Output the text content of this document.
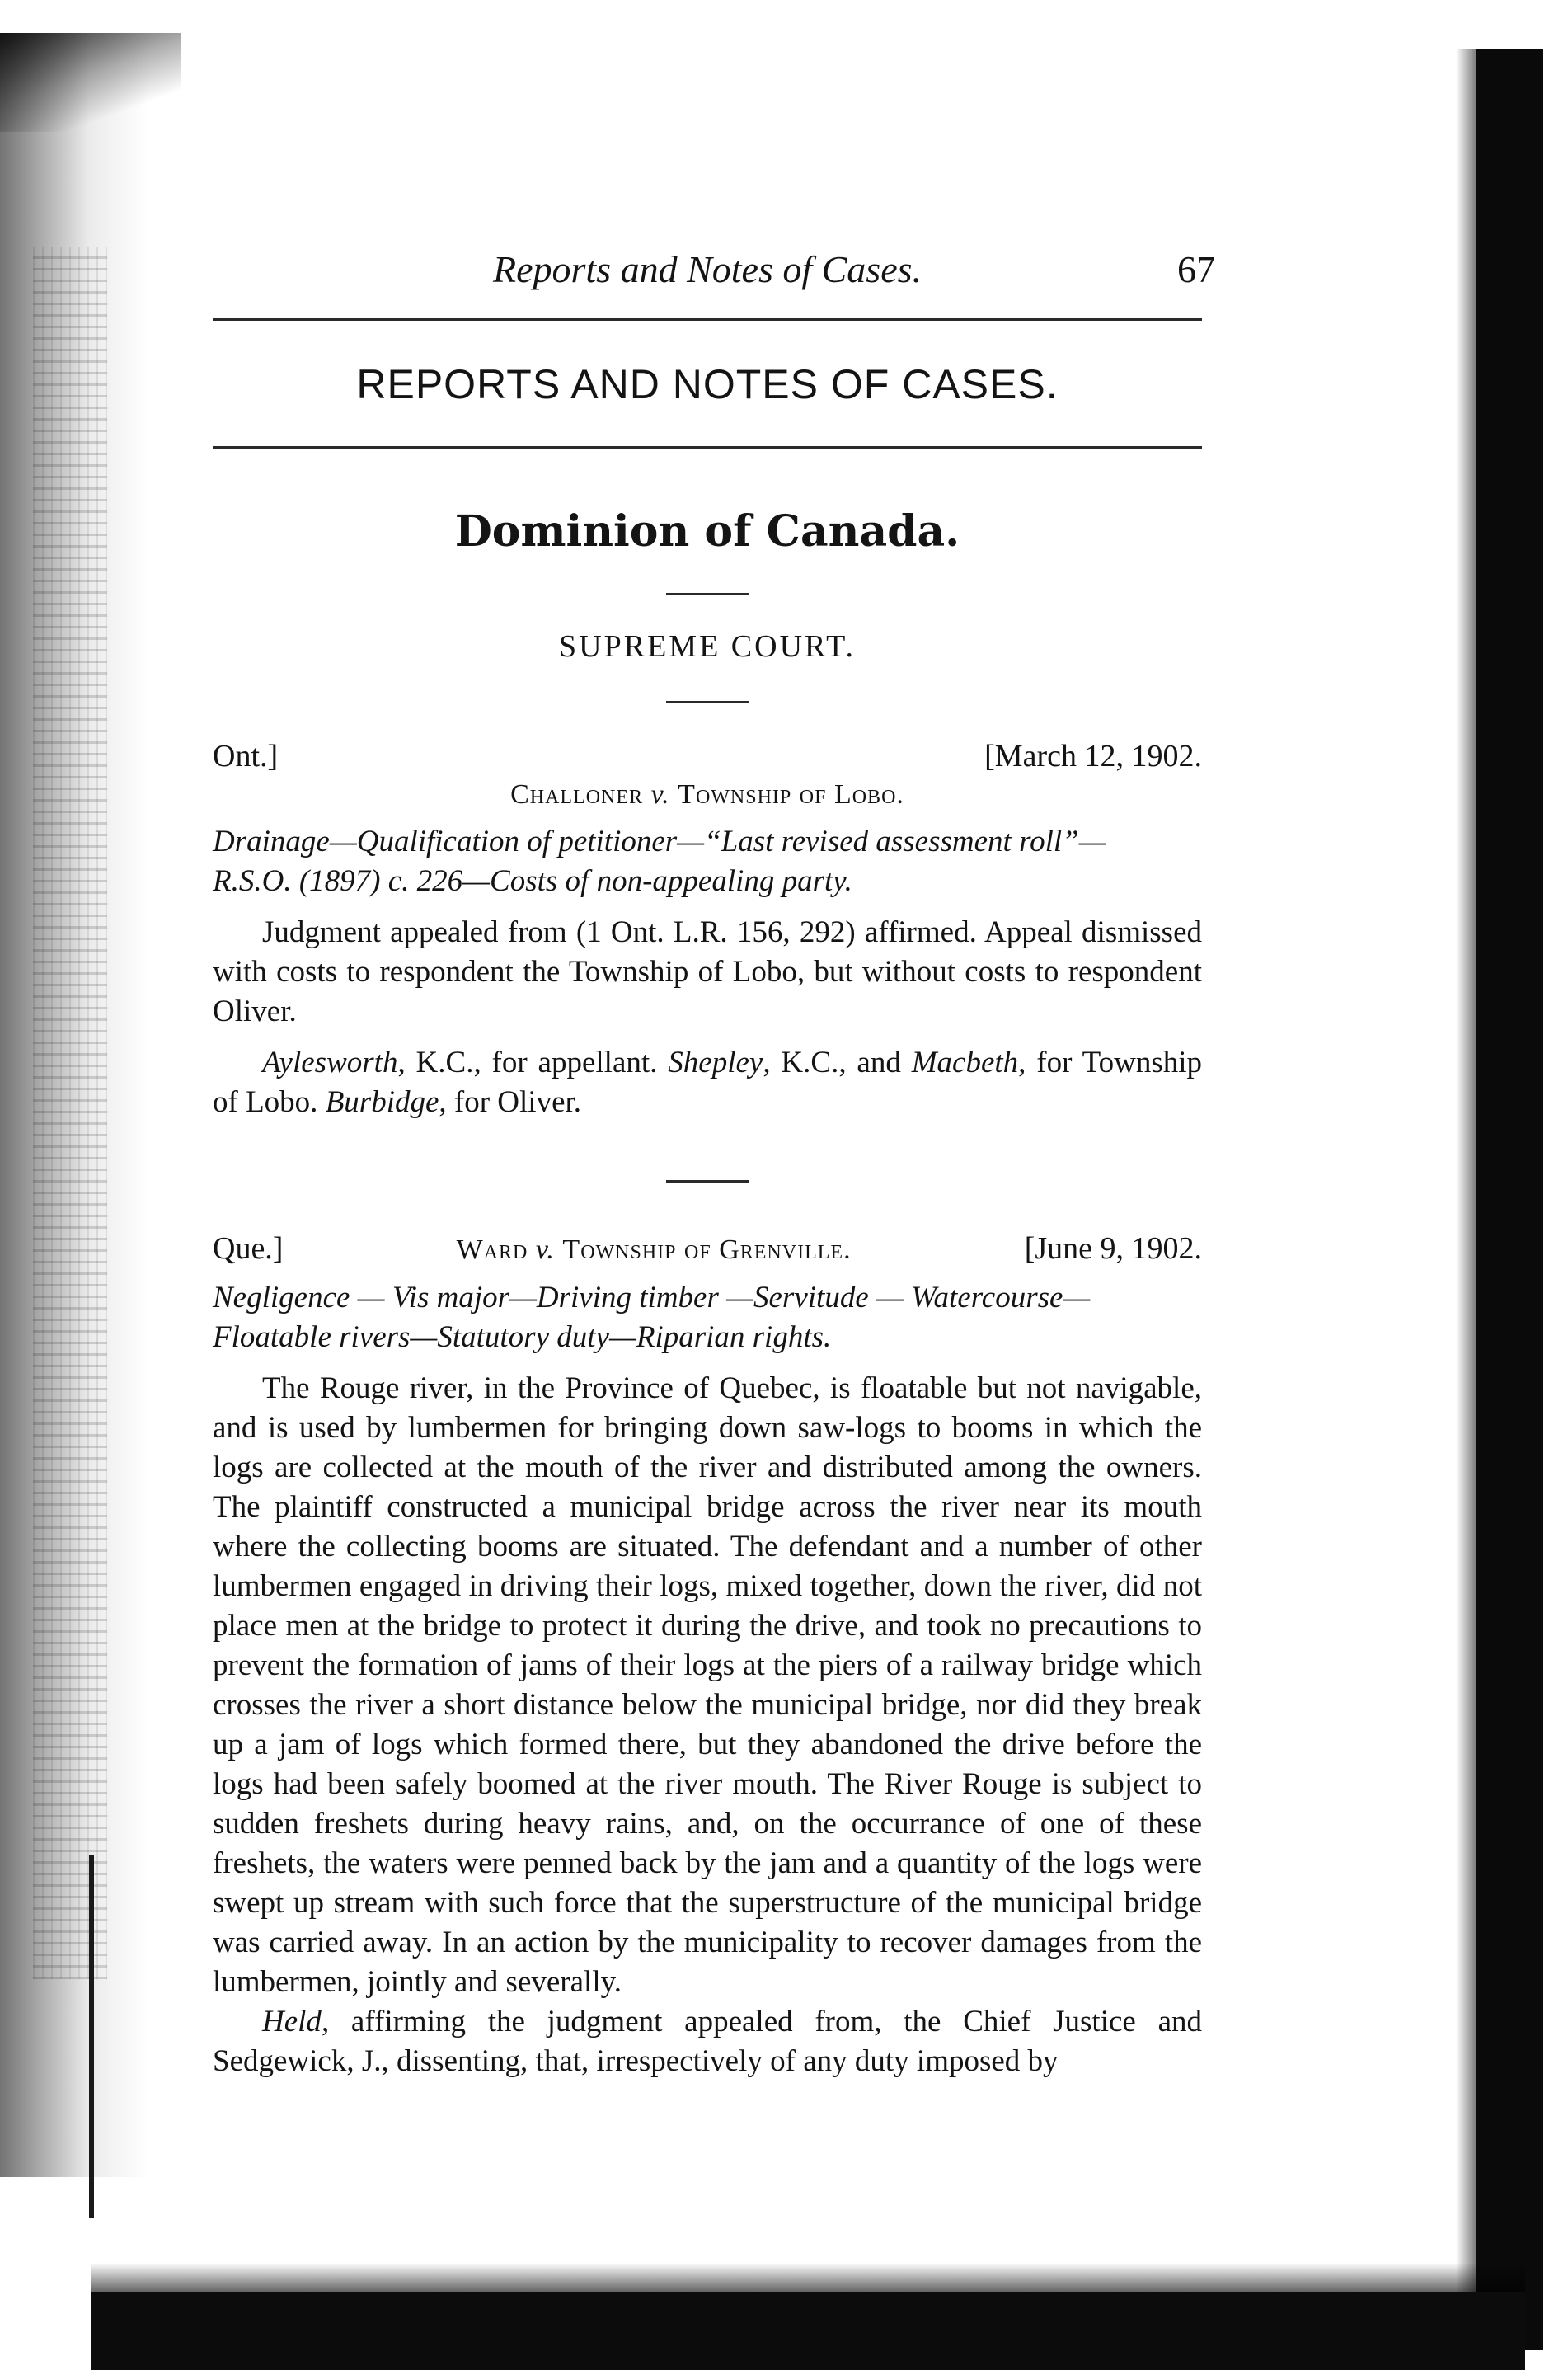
Reports and Notes of Cases.	67
REPORTS AND NOTES OF CASES.
Dominion of Canada.
SUPREME COURT.
Ont.]	[March 12, 1902.
Challoner v. Township of Lobo.
Drainage—Qualification of petitioner—“Last revised assessment roll”—
R.S.O. (1897) c. 226—Costs of non-appealing party.

Judgment appealed from (1 Ont. L.R. 156, 292) affirmed. Appeal dismissed with costs to respondent the Township of Lobo, but without costs to respondent Oliver.

Aylesworth, K.C., for appellant. Shepley, K.C., and Macbeth, for Township of Lobo. Burbidge, for Oliver.

Que.]	Ward v. Township of Grenville.	[June 9, 1902.
Negligence — Vis major—Driving timber —Servitude — Watercourse—
Floatable rivers—Statutory duty—Riparian rights.

The Rouge river, in the Province of Quebec, is floatable but not navigable, and is used by lumbermen for bringing down saw-logs to booms in which the logs are collected at the mouth of the river and distributed among the owners. The plaintiff constructed a municipal bridge across the river near its mouth where the collecting booms are situated. The defendant and a number of other lumbermen engaged in driving their logs, mixed together, down the river, did not place men at the bridge to protect it during the drive, and took no precautions to prevent the formation of jams of their logs at the piers of a railway bridge which crosses the river a short distance below the municipal bridge, nor did they break up a jam of logs which formed there, but they abandoned the drive before the logs had been safely boomed at the river mouth. The River Rouge is subject to sudden freshets during heavy rains, and, on the occurrance of one of these freshets, the waters were penned back by the jam and a quantity of the logs were swept up stream with such force that the superstructure of the municipal bridge was carried away. In an action by the municipality to recover damages from the lumbermen, jointly and severally.

Held, affirming the judgment appealed from, the Chief Justice and Sedgewick, J., dissenting, that, irrespectively of any duty imposed by
